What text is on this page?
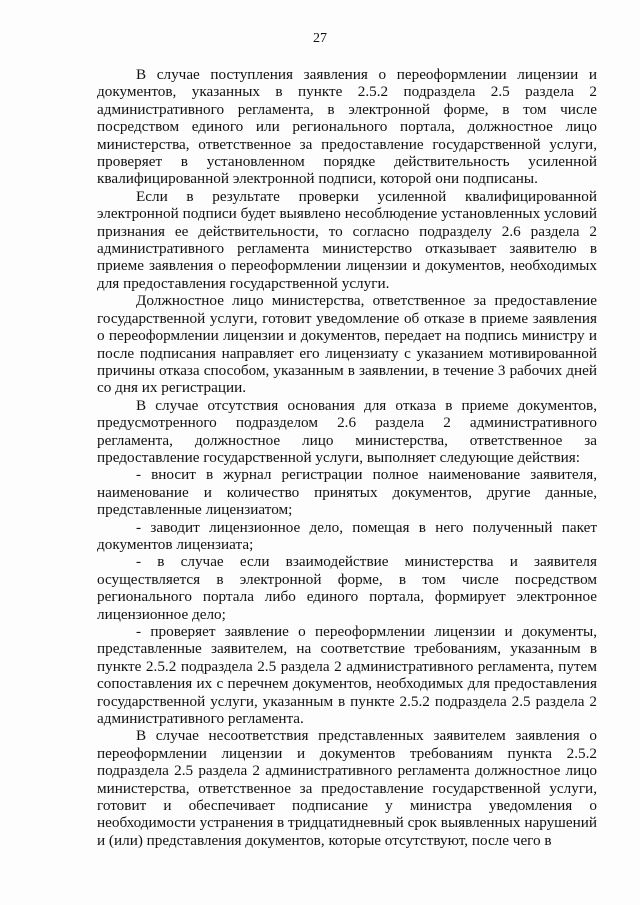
27

В случае поступления заявления о переоформлении лицензии и документов, указанных в пункте 2.5.2 подраздела 2.5 раздела 2 административного регламента, в электронной форме, в том числе посредством единого или регионального портала, должностное лицо министерства, ответственное за предоставление государственной услуги, проверяет в установленном порядке действительность усиленной квалифицированной электронной подписи, которой они подписаны.

Если в результате проверки усиленной квалифицированной электронной подписи будет выявлено несоблюдение установленных условий признания ее действительности, то согласно подразделу 2.6 раздела 2 административного регламента министерство отказывает заявителю в приеме заявления о переоформлении лицензии и документов, необходимых для предоставления государственной услуги.

Должностное лицо министерства, ответственное за предоставление государственной услуги, готовит уведомление об отказе в приеме заявления о переоформлении лицензии и документов, передает на подпись министру и после подписания направляет его лицензиату с указанием мотивированной причины отказа способом, указанным в заявлении, в течение 3 рабочих дней со дня их регистрации.

В случае отсутствия основания для отказа в приеме документов, предусмотренного подразделом 2.6 раздела 2 административного регламента, должностное лицо министерства, ответственное за предоставление государственной услуги, выполняет следующие действия:

- вносит в журнал регистрации полное наименование заявителя, наименование и количество принятых документов, другие данные, представленные лицензиатом;

- заводит лицензионное дело, помещая в него полученный пакет документов лицензиата;

- в случае если взаимодействие министерства и заявителя осуществляется в электронной форме, в том числе посредством регионального портала либо единого портала, формирует электронное лицензионное дело;

- проверяет заявление о переоформлении лицензии и документы, представленные заявителем, на соответствие требованиям, указанным в пункте 2.5.2 подраздела 2.5 раздела 2 административного регламента, путем сопоставления их с перечнем документов, необходимых для предоставления государственной услуги, указанным в пункте 2.5.2 подраздела 2.5 раздела 2 административного регламента.

В случае несоответствия представленных заявителем заявления о переоформлении лицензии и документов требованиям пункта 2.5.2 подраздела 2.5 раздела 2 административного регламента должностное лицо министерства, ответственное за предоставление государственной услуги, готовит и обеспечивает подписание у министра уведомления о необходимости устранения в тридцатидневный срок выявленных нарушений и (или) представления документов, которые отсутствуют, после чего в
